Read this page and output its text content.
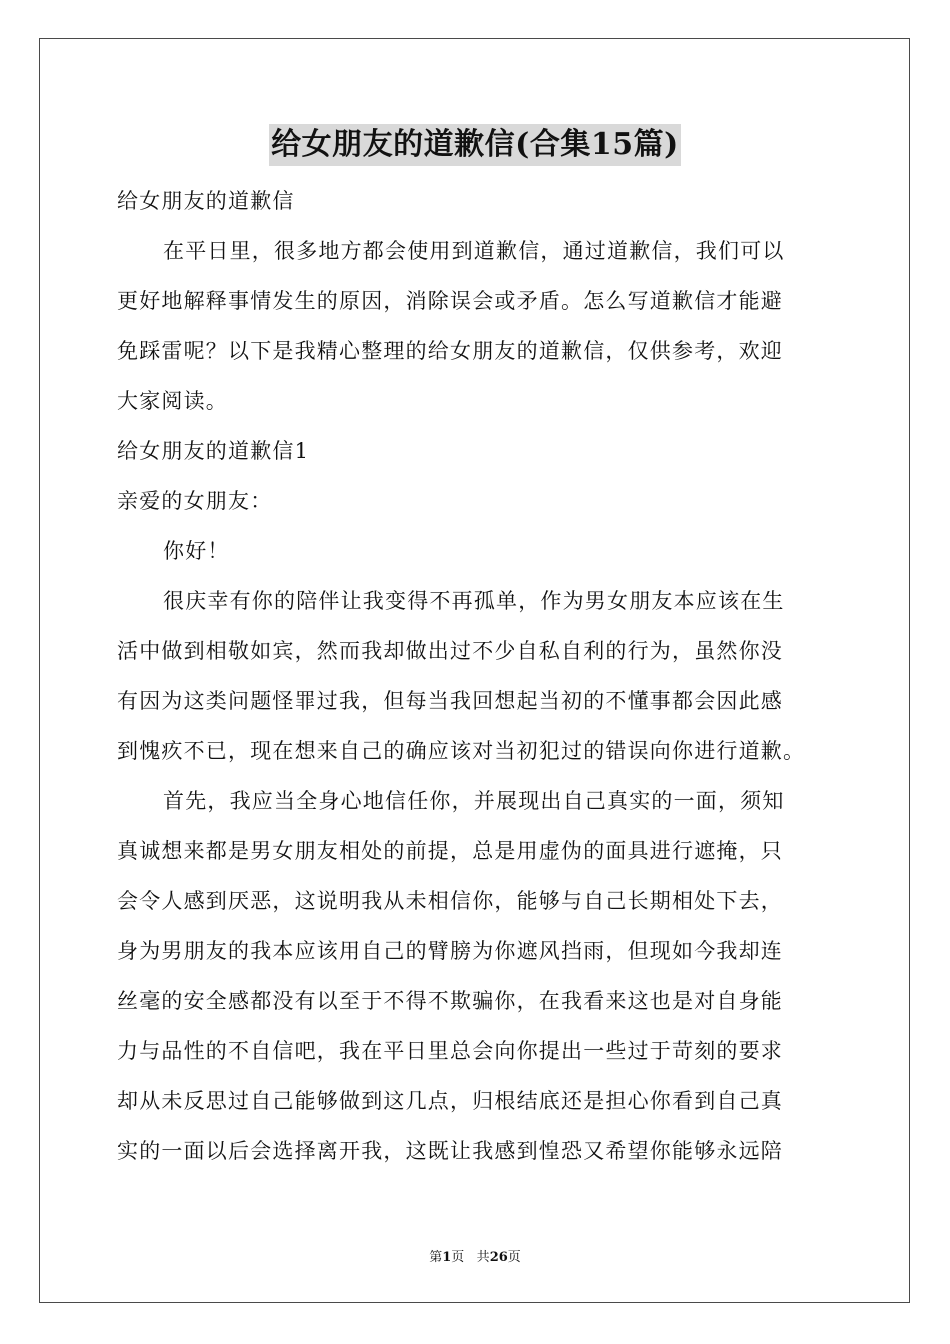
给女朋友的道歉信(合集15篇)
给女朋友的道歉信
在平日里，很多地方都会使用到道歉信，通过道歉信，我们可以
更好地解释事情发生的原因，消除误会或矛盾。怎么写道歉信才能避
免踩雷呢？以下是我精心整理的给女朋友的道歉信，仅供参考，欢迎
大家阅读。
给女朋友的道歉信1
亲爱的女朋友：
你好！
很庆幸有你的陪伴让我变得不再孤单，作为男女朋友本应该在生
活中做到相敬如宾，然而我却做出过不少自私自利的行为，虽然你没
有因为这类问题怪罪过我，但每当我回想起当初的不懂事都会因此感
到愧疚不已，现在想来自己的确应该对当初犯过的错误向你进行道歉。
首先，我应当全身心地信任你，并展现出自己真实的一面，须知
真诚想来都是男女朋友相处的前提，总是用虚伪的面具进行遮掩，只
会令人感到厌恶，这说明我从未相信你，能够与自己长期相处下去，
身为男朋友的我本应该用自己的臂膀为你遮风挡雨，但现如今我却连
丝毫的安全感都没有以至于不得不欺骗你，在我看来这也是对自身能
力与品性的不自信吧，我在平日里总会向你提出一些过于苛刻的要求
却从未反思过自己能够做到这几点，归根结底还是担心你看到自己真
实的一面以后会选择离开我，这既让我感到惶恐又希望你能够永远陪
第1页 共26页
